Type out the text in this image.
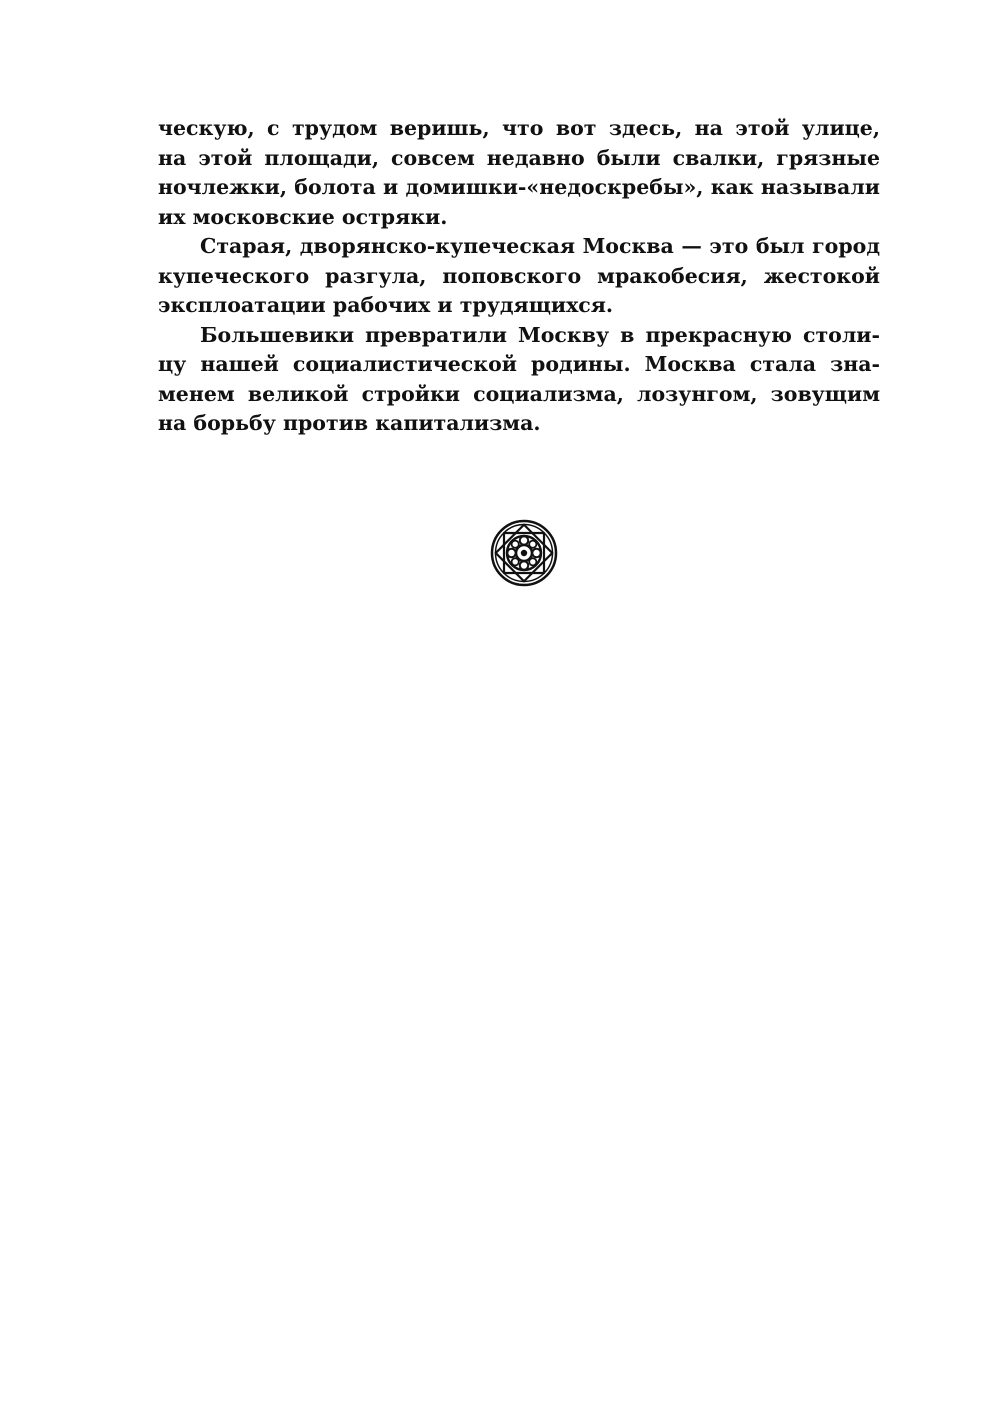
ческую, с трудом веришь, что вот здесь, на этой улице,
на этой площади, совсем недавно были свалки, грязные
ночлежки, болота и домишки-«недоскребы», как называли
их московские остряки.
Старая, дворянско-купеческая Москва — это был город
купеческого разгула, поповского мракобесия, жестокой
эксплоатации рабочих и трудящихся.
Большевики превратили Москву в прекрасную столи-
цу нашей социалистической родины. Москва стала зна-
менем великой стройки социализма, лозунгом, зовущим
на борьбу против капитализма.
